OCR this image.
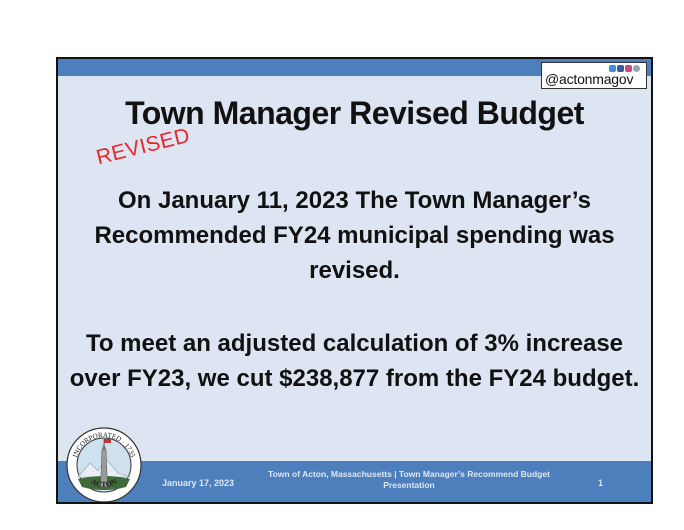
@actonmagov
Town Manager Revised Budget
REVISED
On January 11, 2023 The Town Manager’s Recommended FY24 municipal spending was revised.
To meet an adjusted calculation of 3% increase over FY23, we cut $238,877 from the FY24 budget.
January 17, 2023
Town of Acton, Massachusetts | Town Manager’s Recommend Budget
Presentation	1
INCORPORATED · 1735
ACTON
